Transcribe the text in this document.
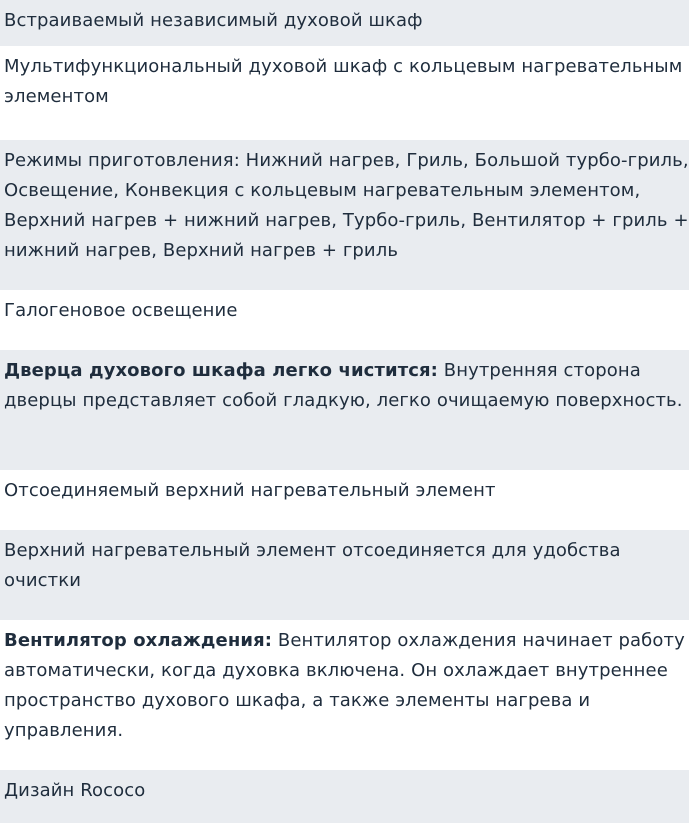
Встраиваемый независимый духовой шкаф
Мультифункциональный духовой шкаф с кольцевым нагревательным элементом
Режимы приготовления: Нижний нагрев, Гриль, Большой турбо-гриль, Освещение, Конвекция с кольцевым нагревательным элементом, Верхний нагрев + нижний нагрев, Турбо-гриль, Вентилятор + гриль + нижний нагрев, Верхний нагрев + гриль
Галогеновое освещение
Дверца духового шкафа легко чистится: Внутренняя сторона дверцы представляет собой гладкую, легко очищаемую поверхность.
Отсоединяемый верхний нагревательный элемент
Верхний нагревательный элемент отсоединяется для удобства очистки
Вентилятор охлаждения: Вентилятор охлаждения начинает работу автоматически, когда духовка включена. Он охлаждает внутреннее пространство духового шкафа, а также элементы нагрева и управления.
Дизайн Rococo
